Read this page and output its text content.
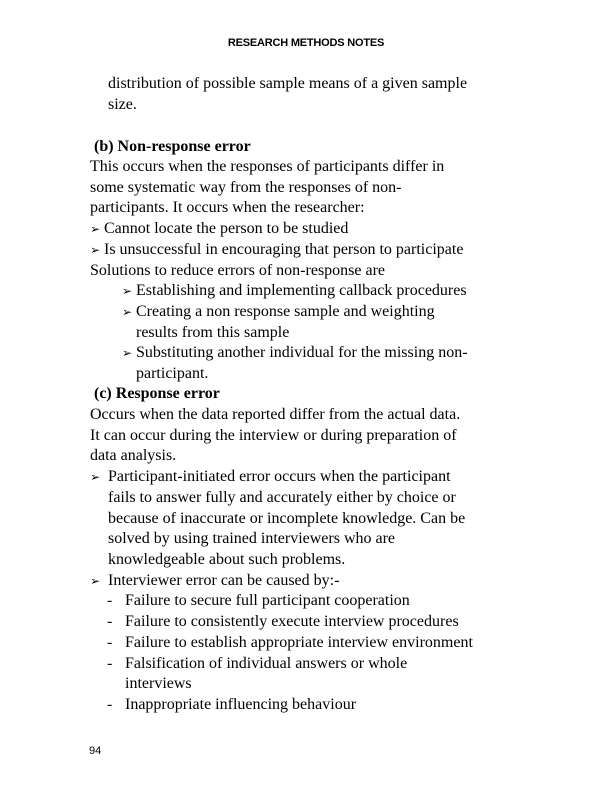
RESEARCH METHODS NOTES
distribution of possible sample means of a given sample
size.
(b) Non-response error
This occurs when the responses of participants differ in
some systematic way from the responses of non-
participants. It occurs when the researcher:
➢ Cannot locate the person to be studied
➢ Is unsuccessful in encouraging that person to participate
Solutions to reduce errors of non-response are
➢ Establishing and implementing callback procedures
➢ Creating a non response sample and weighting
results from this sample
➢ Substituting another individual for the missing non-
participant.
(c) Response error
Occurs when the data reported differ from the actual data.
It can occur during the interview or during preparation of
data analysis.
➢ Participant-initiated error occurs when the participant
fails to answer fully and accurately either by choice or
because of inaccurate or incomplete knowledge. Can be
solved by using trained interviewers who are
knowledgeable about such problems.
➢ Interviewer error can be caused by:-
- Failure to secure full participant cooperation
- Failure to consistently execute interview procedures
- Failure to establish appropriate interview environment
- Falsification of individual answers or whole
interviews
- Inappropriate influencing behaviour
94
